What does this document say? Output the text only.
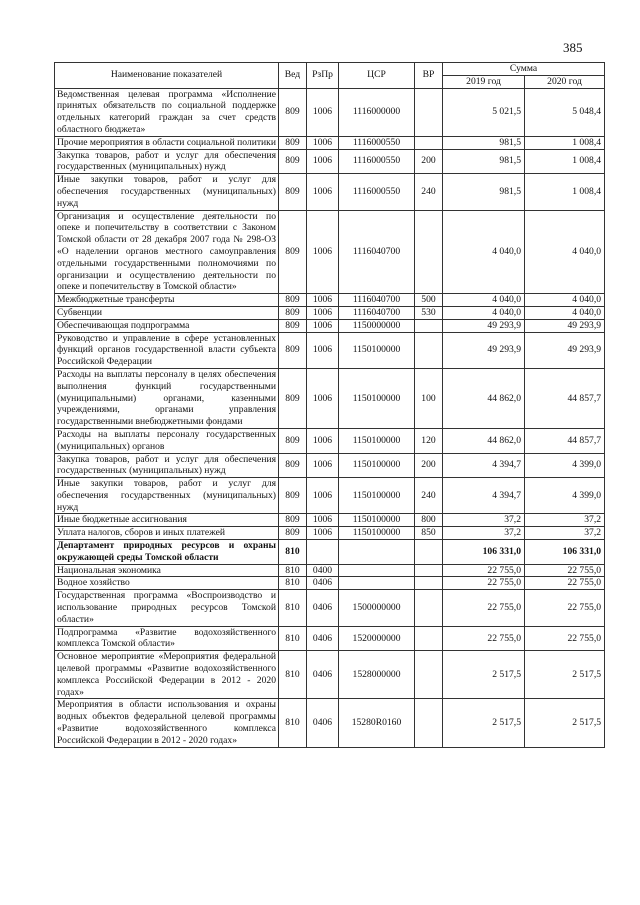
385
Наименование показателей	Вед	РзПр	ЦСР	ВР	Сумма	
					2019 год	2020 год
Ведомственная целевая программа «Исполнение принятых обязательств по социальной поддержке отдельных категорий граждан за счет средств областного бюджета»	809	1006	1116000000		5 021,5	5 048,4
Прочие мероприятия в области социальной политики	809	1006	1116000550		981,5	1 008,4
Закупка товаров, работ и услуг для обеспечения государственных (муниципальных) нужд	809	1006	1116000550	200	981,5	1 008,4
Иные закупки товаров, работ и услуг для обеспечения государственных (муниципальных) нужд	809	1006	1116000550	240	981,5	1 008,4
Организация и осуществление деятельности по опеке и попечительству в соответствии с Законом Томской области от 28 декабря 2007 года № 298-ОЗ «О наделении органов местного самоуправления отдельными государственными полномочиями по организации и осуществлению деятельности по опеке и попечительству в Томской области»	809	1006	1116040700		4 040,0	4 040,0
Межбюджетные трансферты	809	1006	1116040700	500	4 040,0	4 040,0
Субвенции	809	1006	1116040700	530	4 040,0	4 040,0
Обеспечивающая подпрограмма	809	1006	1150000000		49 293,9	49 293,9
Руководство и управление в сфере установленных функций органов государственной власти субъекта Российской Федерации	809	1006	1150100000		49 293,9	49 293,9
Расходы на выплаты персоналу в целях обеспечения выполнения функций государственными (муниципальными) органами, казенными учреждениями, органами управления государственными внебюджетными фондами	809	1006	1150100000	100	44 862,0	44 857,7
Расходы на выплаты персоналу государственных (муниципальных) органов	809	1006	1150100000	120	44 862,0	44 857,7
Закупка товаров, работ и услуг для обеспечения государственных (муниципальных) нужд	809	1006	1150100000	200	4 394,7	4 399,0
Иные закупки товаров, работ и услуг для обеспечения государственных (муниципальных) нужд	809	1006	1150100000	240	4 394,7	4 399,0
Иные бюджетные ассигнования	809	1006	1150100000	800	37,2	37,2
Уплата налогов, сборов и иных платежей	809	1006	1150100000	850	37,2	37,2
Департамент природных ресурсов и охраны окружающей среды Томской области	810				106 331,0	106 331,0
Национальная экономика	810	0400			22 755,0	22 755,0
Водное хозяйство	810	0406			22 755,0	22 755,0
Государственная программа «Воспроизводство и использование природных ресурсов Томской области»	810	0406	1500000000		22 755,0	22 755,0
Подпрограмма «Развитие водохозяйственного комплекса Томской области»	810	0406	1520000000		22 755,0	22 755,0
Основное мероприятие «Мероприятия федеральной целевой программы «Развитие водохозяйственного комплекса Российской Федерации в 2012 - 2020 годах»	810	0406	1528000000		2 517,5	2 517,5
Мероприятия в области использования и охраны водных объектов федеральной целевой программы «Развитие водохозяйственного комплекса Российской Федерации в 2012 - 2020 годах»	810	0406	15280R0160		2 517,5	2 517,5
